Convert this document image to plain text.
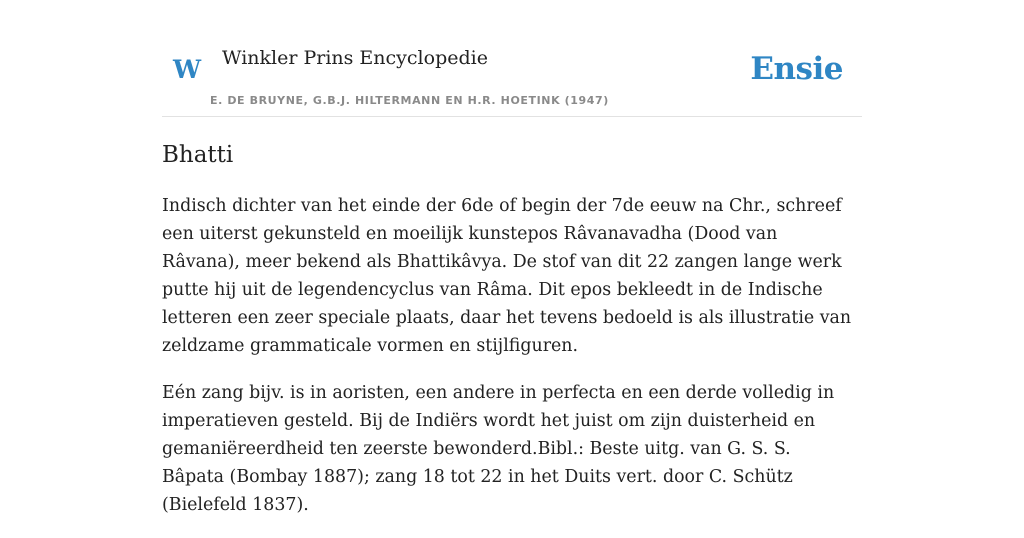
W Winkler Prins Encyclopedie
E. DE BRUYNE, G.B.J. HILTERMANN EN H.R. HOETINK (1947)
Ensie
Bhatti

Indisch dichter van het einde der 6de of begin der 7de eeuw na Chr., schreef een uiterst gekunsteld en moeilijk kunstepos Râvanavadha (Dood van Râvana), meer bekend als Bhattikâvya. De stof van dit 22 zangen lange werk putte hij uit de legendencyclus van Râma. Dit epos bekleedt in de Indische letteren een zeer speciale plaats, daar het tevens bedoeld is als illustratie van zeldzame grammaticale vormen en stijlfiguren.

Eén zang bijv. is in aoristen, een andere in perfecta en een derde volledig in imperatieven gesteld. Bij de Indiërs wordt het juist om zijn duisterheid en gemaniëreerdheid ten zeerste bewonderd.Bibl.: Beste uitg. van G. S. S. Bâpata (Bombay 1887); zang 18 tot 22 in het Duits vert. door C. Schütz (Bielefeld 1837).
